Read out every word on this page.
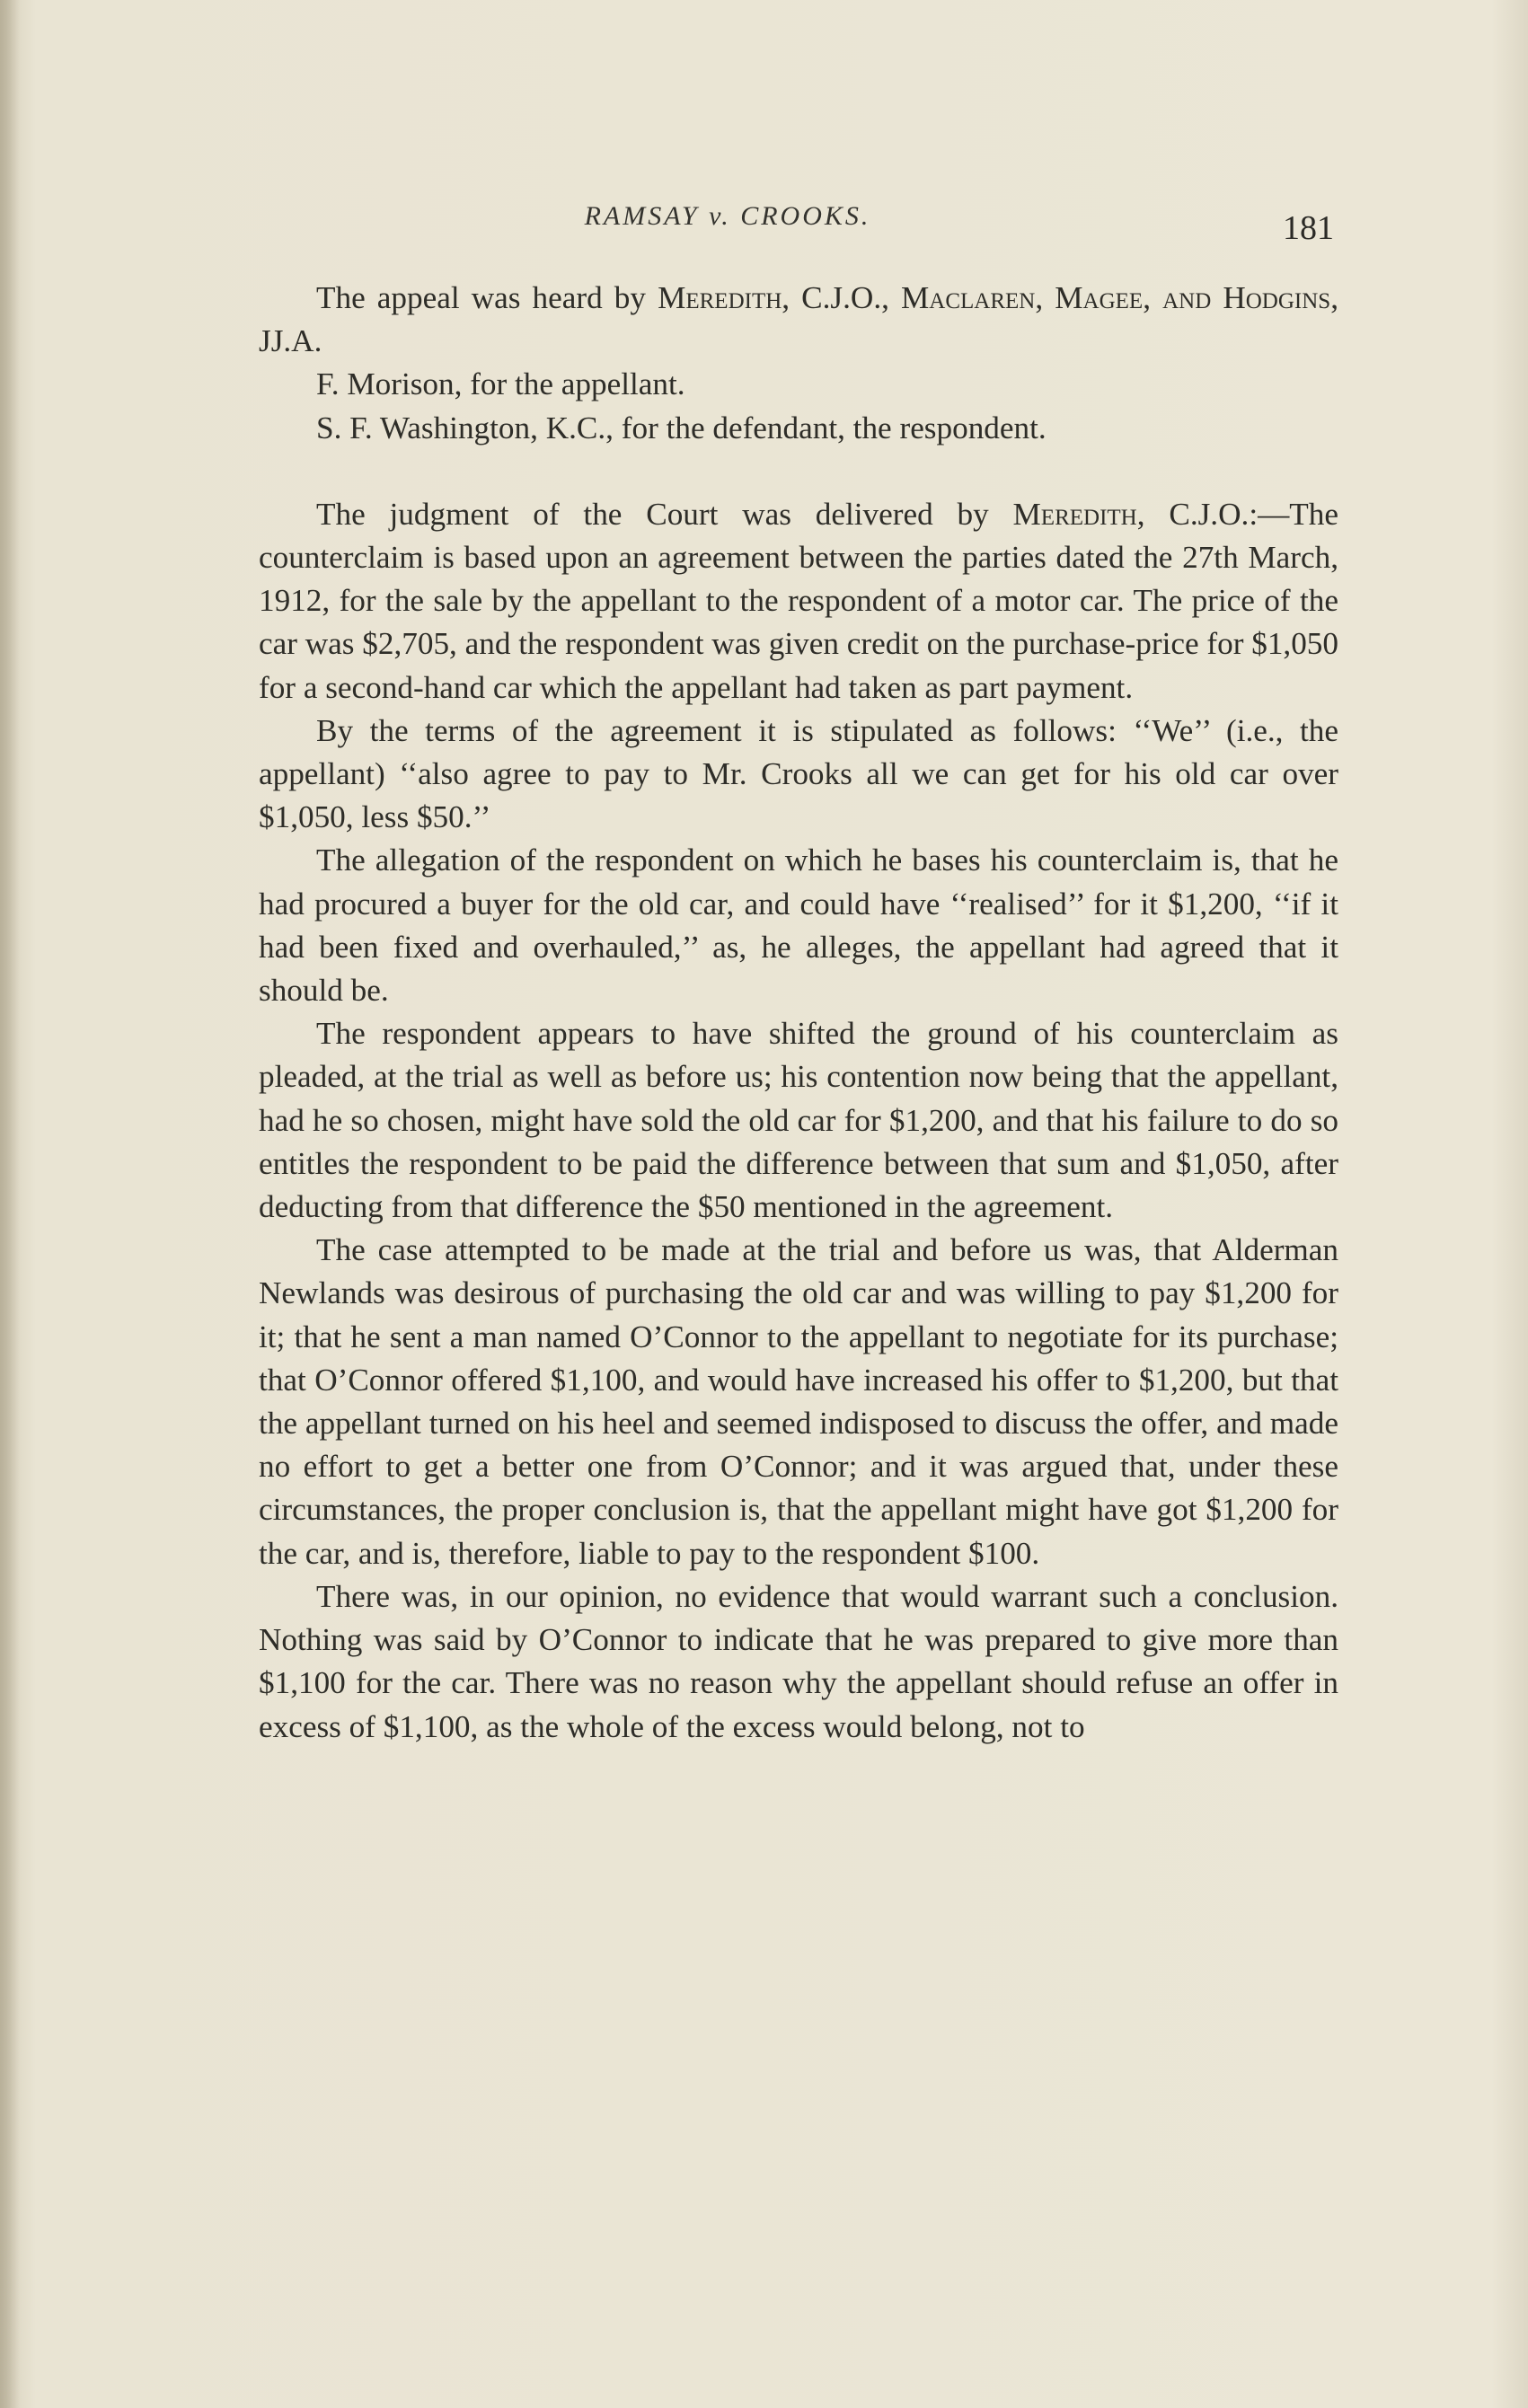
RAMSAY v. CROOKS.	181

The appeal was heard by Meredith, C.J.O., Maclaren, Magee, and Hodgins, JJ.A.

F. Morison, for the appellant.

S. F. Washington, K.C., for the defendant, the respondent.

The judgment of the Court was delivered by Meredith, C.J.O.:—The counterclaim is based upon an agreement between the parties dated the 27th March, 1912, for the sale by the appellant to the respondent of a motor car. The price of the car was $2,705, and the respondent was given credit on the purchase-price for $1,050 for a second-hand car which the appellant had taken as part payment.

By the terms of the agreement it is stipulated as follows: ‘‘We’’ (i.e., the appellant) ‘‘also agree to pay to Mr. Crooks all we can get for his old car over $1,050, less $50.’’

The allegation of the respondent on which he bases his counterclaim is, that he had procured a buyer for the old car, and could have ‘‘realised’’ for it $1,200, ‘‘if it had been fixed and overhauled,’’ as, he alleges, the appellant had agreed that it should be.

The respondent appears to have shifted the ground of his counterclaim as pleaded, at the trial as well as before us; his contention now being that the appellant, had he so chosen, might have sold the old car for $1,200, and that his failure to do so entitles the respondent to be paid the difference between that sum and $1,050, after deducting from that difference the $50 mentioned in the agreement.

The case attempted to be made at the trial and before us was, that Alderman Newlands was desirous of purchasing the old car and was willing to pay $1,200 for it; that he sent a man named O’Connor to the appellant to negotiate for its purchase; that O’Connor offered $1,100, and would have increased his offer to $1,200, but that the appellant turned on his heel and seemed indisposed to discuss the offer, and made no effort to get a better one from O’Connor; and it was argued that, under these circumstances, the proper conclusion is, that the appellant might have got $1,200 for the car, and is, therefore, liable to pay to the respondent $100.

There was, in our opinion, no evidence that would warrant such a conclusion. Nothing was said by O’Connor to indicate that he was prepared to give more than $1,100 for the car. There was no reason why the appellant should refuse an offer in excess of $1,100, as the whole of the excess would belong, not to
